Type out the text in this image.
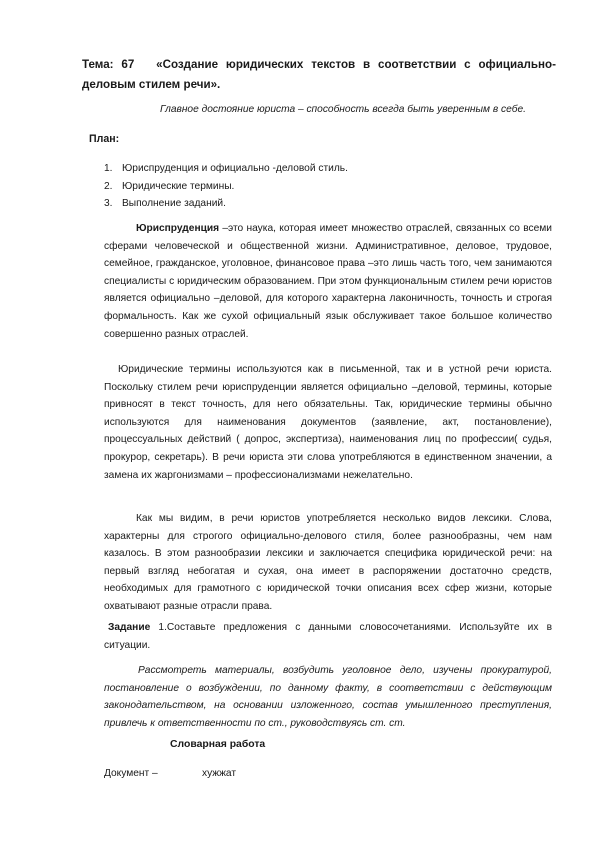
Тема: 67 «Создание юридических текстов в соответствии с официально-деловым стилем речи».
Главное достояние юриста – способность всегда быть уверенным в себе.
План:
1. Юриспруденция и официально -деловой стиль.
2. Юридические термины.
3. Выполнение заданий.

Юриспруденция –это наука, которая имеет множество отраслей, связанных со всеми сферами человеческой и общественной жизни. Административное, деловое, трудовое, семейное, гражданское, уголовное, финансовое права –это лишь часть того, чем занимаются специалисты с юридическим образованием. При этом функциональным стилем речи юристов является официально –деловой, для которого характерна лаконичность, точность и строгая формальность. Как же сухой официальный язык обслуживает такое большое количество совершенно разных отраслей.

Юридические термины используются как в письменной, так и в устной речи юриста. Поскольку стилем речи юриспруденции является официально –деловой, термины, которые привносят в текст точность, для него обязательны. Так, юридические термины обычно используются для наименования документов (заявление, акт, постановление), процессуальных действий ( допрос, экспертиза), наименования лиц по профессии( судья, прокурор, секретарь). В речи юриста эти слова употребляются в единственном значении, а замена их жаргонизмами – профессионализмами нежелательно.

Как мы видим, в речи юристов употребляется несколько видов лексики. Слова, характерны для строгого официально-делового стиля, более разнообразны, чем нам казалось. В этом разнообразии лексики и заключается специфика юридической речи: на первый взгляд небогатая и сухая, она имеет в распоряжении достаточно средств, необходимых для грамотного с юридической точки описания всех сфер жизни, которые охватывают разные отрасли права.

Задание 1.Составьте предложения с данными словосочетаниями. Используйте их в ситуации.

Рассмотреть материалы, возбудить уголовное дело, изучены прокуратурой, постановление о возбуждении, по данному факту, в соответствии с действующим законодательством, на основании изложенного, состав умышленного преступления, привлечь к ответственности по ст., руководствуясь ст. ст.

Словарная работа
Документ –	хужжат
